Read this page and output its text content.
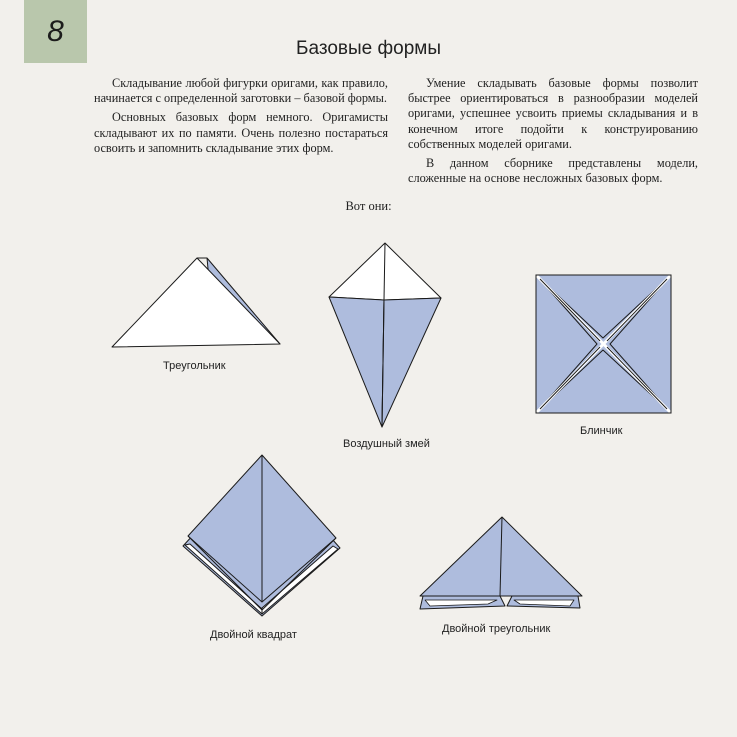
8
Базовые формы

Складывание любой фигурки оригами, как правило, начинается с определенной заготовки – базовой формы.

Основных базовых форм немного. Оригамисты складывают их по памяти. Очень полезно постараться освоить и запомнить складывание этих форм.

Умение складывать базовые формы позволит быстрее ориентироваться в разнообразии моделей оригами, успешнее усвоить приемы складывания и в конечном итоге подойти к конструированию собственных моделей оригами.

В данном сборнике представлены модели, сложенные на основе несложных базовых форм.

Вот они:
Треугольник
Воздушный змей
Блинчик
Двойной квадрат	Двойной треугольник
